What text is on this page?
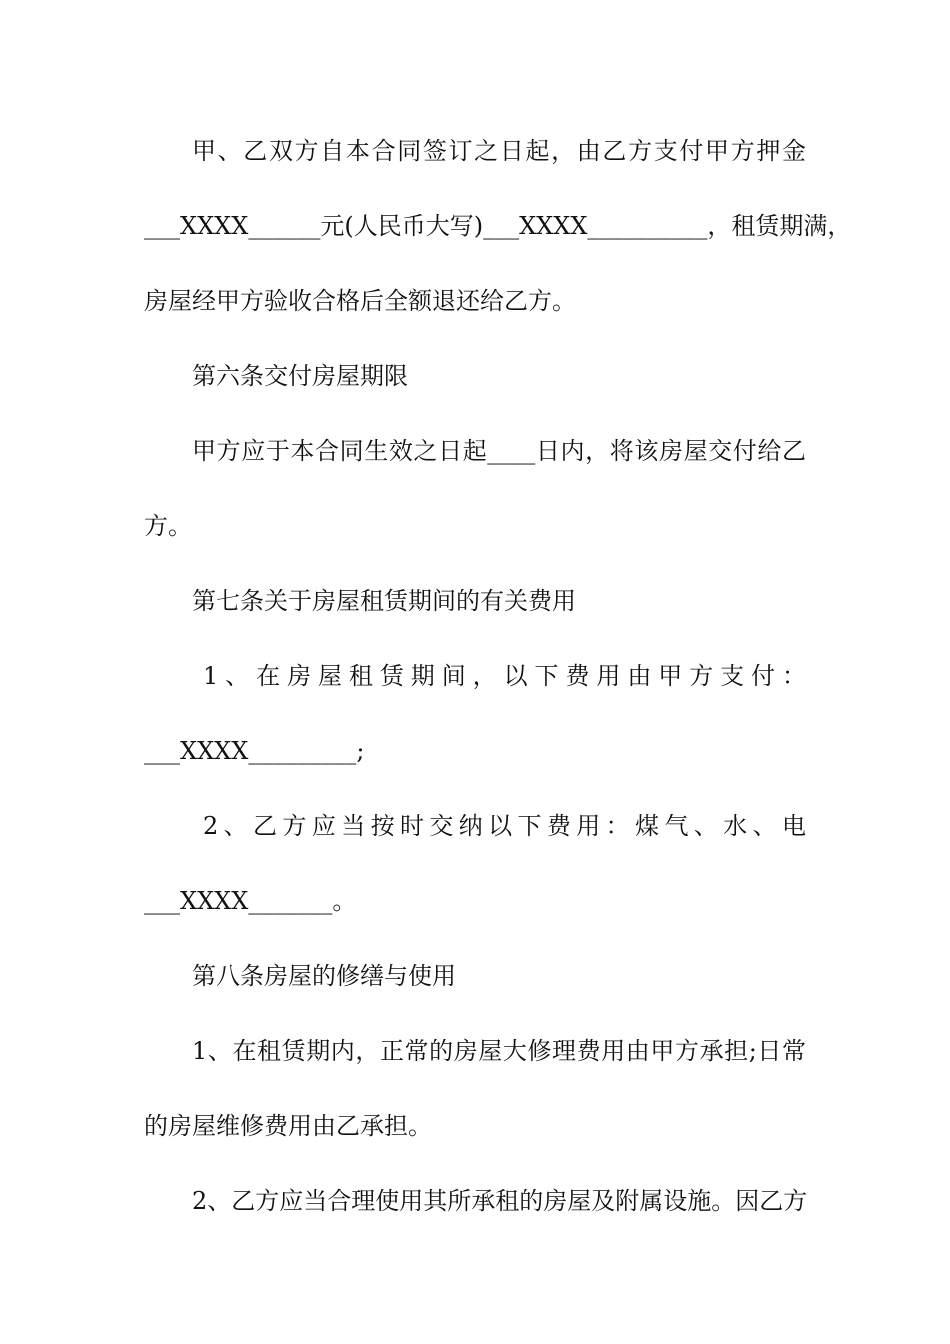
甲、乙双方自本合同签订之日起，由乙方支付甲方押金
___XXXX______元(人民币大写)___XXXX__________，租赁期满，
房屋经甲方验收合格后全额退还给乙方。
第六条交付房屋期限
甲方应于本合同生效之日起____日内，将该房屋交付给乙
方。
第七条关于房屋租赁期间的有关费用
1、在房屋租赁期间，以下费用由甲方支付：
___XXXX_________;
2、乙方应当按时交纳以下费用：煤气、水、电
___XXXX_______。
第八条房屋的修缮与使用
1、在租赁期内，正常的房屋大修理费用由甲方承担;日常
的房屋维修费用由乙承担。
2、乙方应当合理使用其所承租的房屋及附属设施。因乙方
